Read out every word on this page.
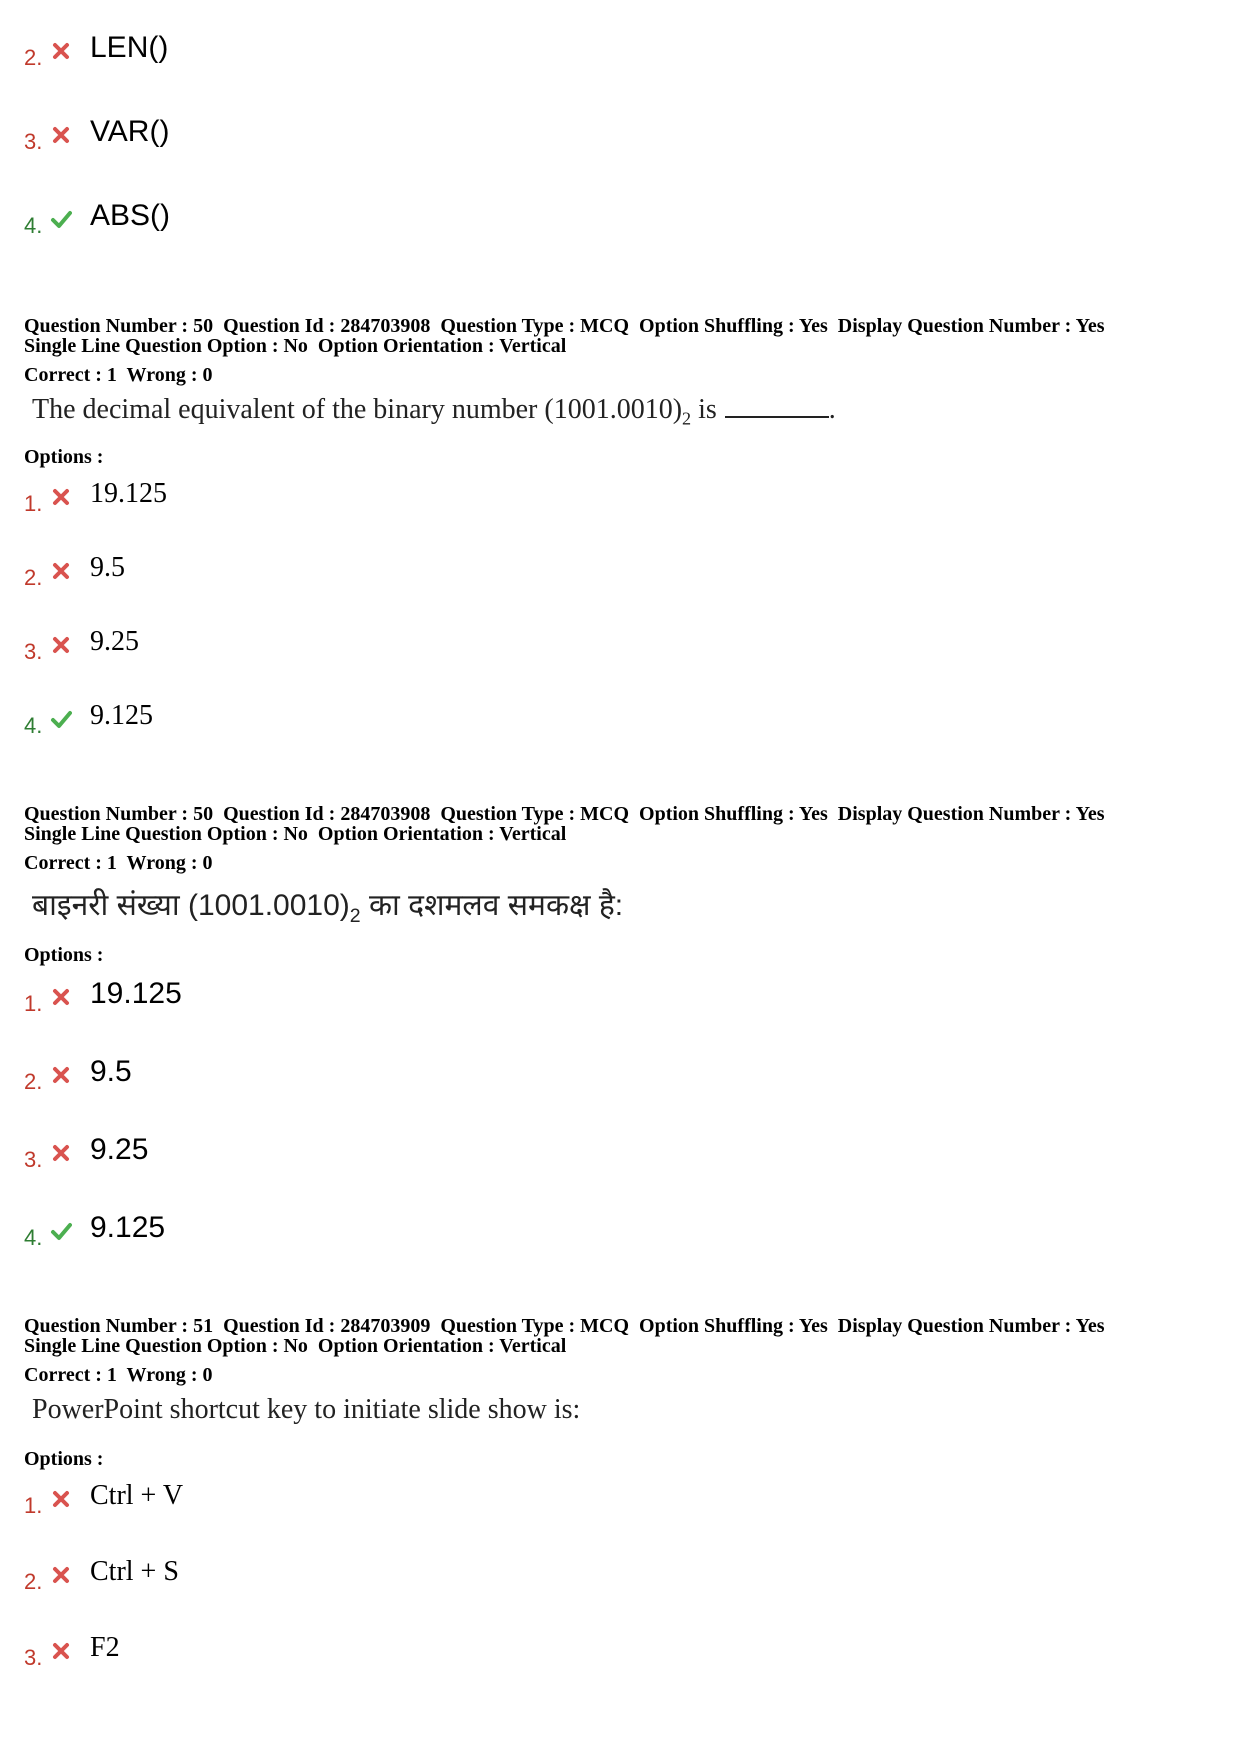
2. LEN()
3. VAR()
4. ABS()
Question Number : 50  Question Id : 284703908  Question Type : MCQ  Option Shuffling : Yes  Display Question Number : Yes
Single Line Question Option : No  Option Orientation : Vertical
Correct : 1  Wrong : 0
The decimal equivalent of the binary number $(1001.0010)_2$ is	.
Options :
1. 19.125
2. 9.5
3. 9.25
4. 9.125
Question Number : 50  Question Id : 284703908  Question Type : MCQ  Option Shuffling : Yes  Display Question Number : Yes
Single Line Question Option : No  Option Orientation : Vertical
Correct : 1  Wrong : 0
बाइनरी संख्या $(1001.0010)_2$ का दशमलव समकक्ष है:
Options :
1. 19.125
2. 9.5
3. 9.25
4. 9.125
Question Number : 51  Question Id : 284703909  Question Type : MCQ  Option Shuffling : Yes  Display Question Number : Yes
Single Line Question Option : No  Option Orientation : Vertical
Correct : 1  Wrong : 0
PowerPoint shortcut key to initiate slide show is:
Options :
1. Ctrl + V
2. Ctrl + S
3. F2
